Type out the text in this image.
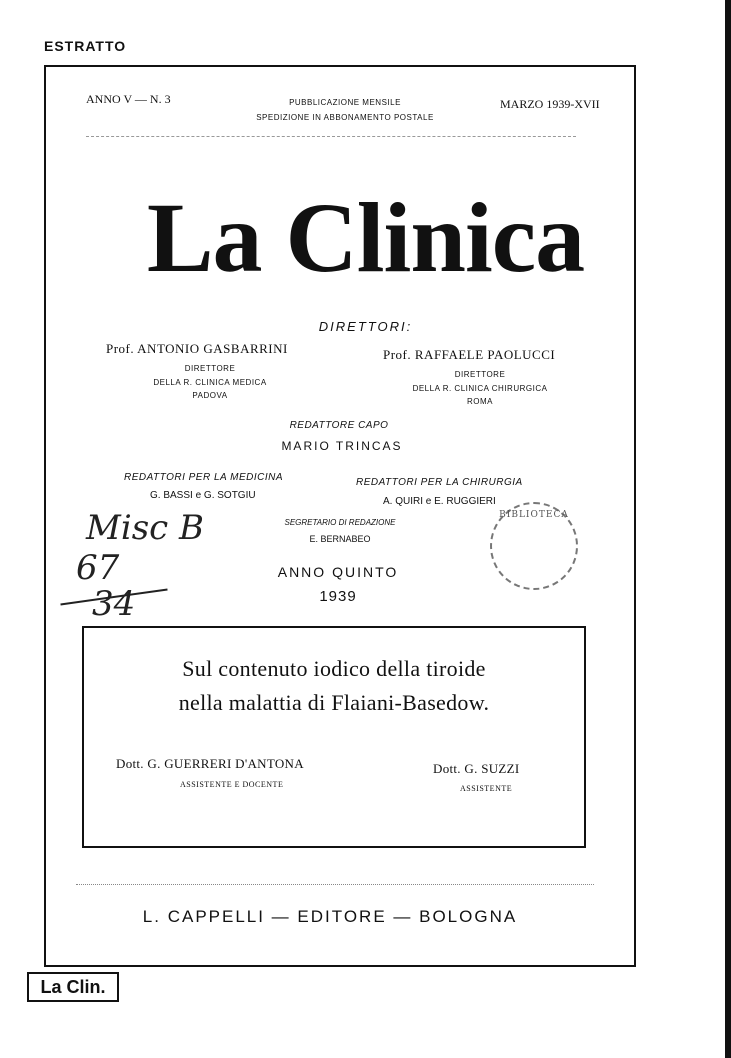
ESTRATTO
ANNO V — N. 3	PUBBLICAZIONE MENSILE
SPEDIZIONE IN ABBONAMENTO POSTALE
MARZO 1939-XVII
La Clinica
DIRETTORI:
Prof. ANTONIO GASBARRINI
DIRETTORE
DELLA R. CLINICA MEDICA
PADOVA
Prof. RAFFAELE PAOLUCCI
DIRETTORE
DELLA R. CLINICA CHIRURGICA
ROMA
REDATTORE CAPO
MARIO TRINCAS
REDATTORI PER LA MEDICINA
G. BASSI e G. SOTGIU
REDATTORI PER LA CHIRURGIA
A. QUIRI e E. RUGGIERI
SEGRETARIO DI REDAZIONE
E. BERNABEO
ANNO QUINTO
1939
Misc B
67
34
BIBLIOTECA
Sul contenuto iodico della tiroide
nella malattia di Flaiani-Basedow.
Dott. G. GUERRERI D'ANTONA
ASSISTENTE E DOCENTE
Dott. G. SUZZI
ASSISTENTE
L. CAPPELLI — EDITORE — BOLOGNA
La Clin.
